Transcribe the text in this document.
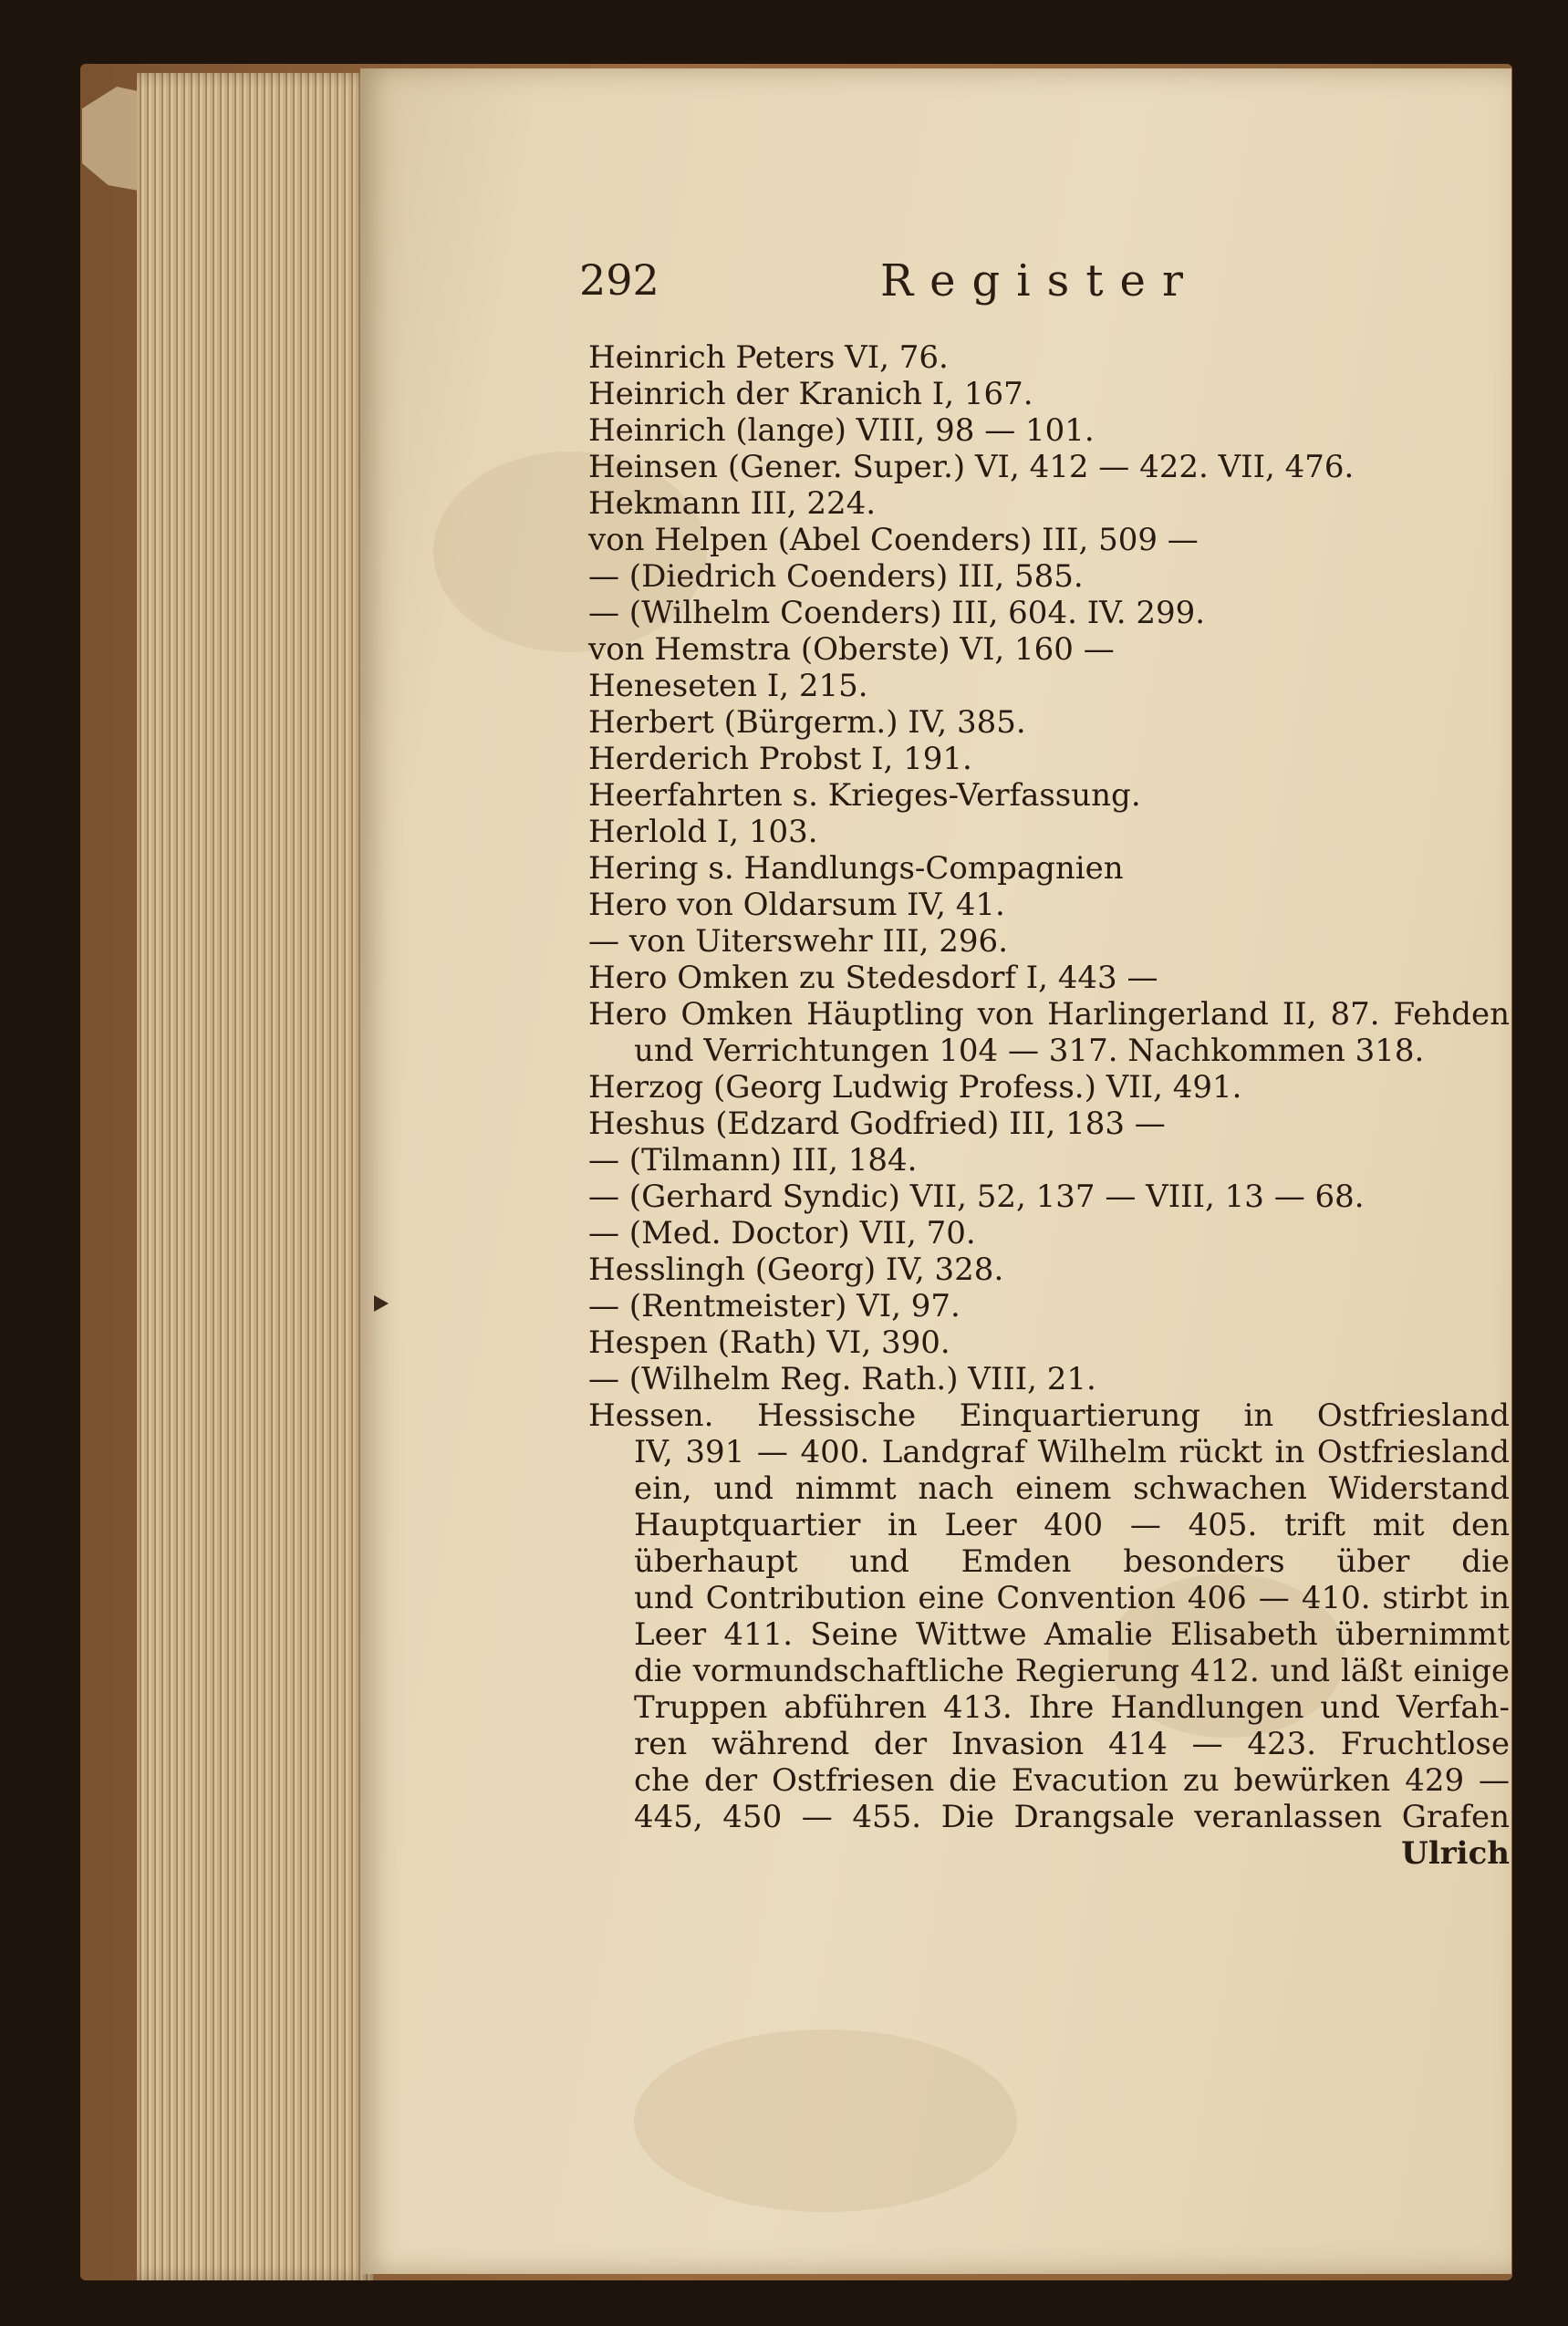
292	Register
Heinrich Peters VI, 76.
Heinrich der Kranich I, 167.
Heinrich (lange) VIII, 98 — 101.
Heinsen (Gener. Super.) VI, 412 — 422. VII, 476.
Hekmann III, 224.
von Helpen (Abel Coenders) III, 509 —
— (Diedrich Coenders) III, 585.
— (Wilhelm Coenders) III, 604. IV. 299.
von Hemstra (Oberste) VI, 160 —
Heneseten I, 215.
Herbert (Bürgerm.) IV, 385.
Herderich Probst I, 191.
Heerfahrten s. Krieges-Verfassung.
Herlold I, 103.
Hering s. Handlungs-Compagnien
Hero von Oldarsum IV, 41.
— von Uiterswehr III, 296.
Hero Omken zu Stedesdorf I, 443 —
Hero Omken Häuptling von Harlingerland II, 87. Fehden
und Verrichtungen 104 — 317. Nachkommen 318.
Herzog (Georg Ludwig Profess.) VII, 491.
Heshus (Edzard Godfried) III, 183 —
— (Tilmann) III, 184.
— (Gerhard Syndic) VII, 52, 137 — VIII, 13 — 68.
— (Med. Doctor) VII, 70.
Hesslingh (Georg) IV, 328.
— (Rentmeister) VI, 97.
Hespen (Rath) VI, 390.
— (Wilhelm Reg. Rath.) VIII, 21.
Hessen. Hessische Einquartierung in Ostfriesland
IV, 391 — 400. Landgraf Wilhelm rückt in Ostfriesland
ein, und nimmt nach einem schwachen Widerstand
Hauptquartier in Leer 400 — 405. trift mit den
überhaupt und Emden besonders über die
und Contribution eine Convention 406 — 410. stirbt in
Leer 411. Seine Wittwe Amalie Elisabeth übernimmt
die vormundschaftliche Regierung 412. und läßt einige
Truppen abführen 413. Ihre Handlungen und Verfah-
ren während der Invasion 414 — 423. Fruchtlose
che der Ostfriesen die Evacution zu bewürken 429 —
445, 450 — 455. Die Drangsale veranlassen Grafen
Ulrich
